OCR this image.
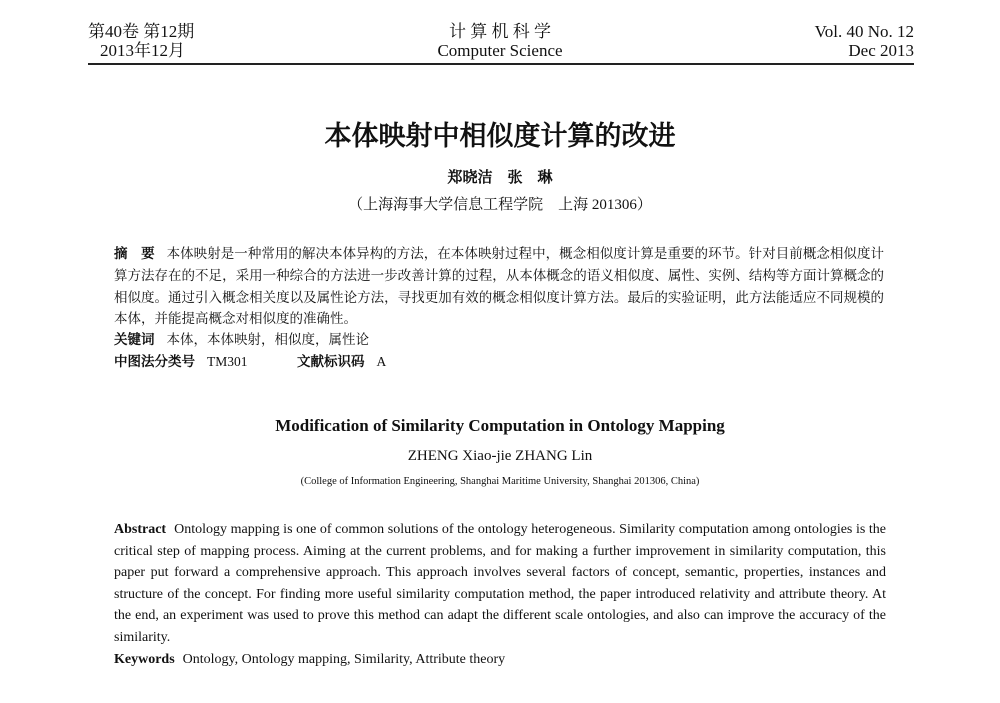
第40卷 第12期
2013年12月
计 算 机 科 学
Computer Science
Vol. 40 No. 12
Dec 2013
本体映射中相似度计算的改进
郑晓洁　张　琳
（上海海事大学信息工程学院　上海 201306）
摘　要 本体映射是一种常用的解决本体异构的方法，在本体映射过程中，概念相似度计算是重要的环节。针对目前概念相似度计算方法存在的不足，采用一种综合的方法进一步改善计算的过程，从本体概念的语义相似度、属性、实例、结构等方面计算概念的相似度。通过引入概念相关度以及属性论方法，寻找更加有效的概念相似度计算方法。最后的实验证明，此方法能适应不同规模的本体，并能提高概念对相似度的准确性。
关键词 本体，本体映射，相似度，属性论
中图法分类号 TM301	文献标识码 A
Modification of Similarity Computation in Ontology Mapping
ZHENG Xiao-jie ZHANG Lin
(College of Information Engineering, Shanghai Maritime University, Shanghai 201306, China)
Abstract Ontology mapping is one of common solutions of the ontology heterogeneous. Similarity computation among ontologies is the critical step of mapping process. Aiming at the current problems, and for making a further improvement in similarity computation, this paper put forward a comprehensive approach. This approach involves several factors of concept, semantic, properties, instances and structure of the concept. For finding more useful similarity computation method, the paper introduced relativity and attribute theory. At the end, an experiment was used to prove this method can adapt the different scale ontologies, and also can improve the accuracy of the similarity.
Keywords Ontology, Ontology mapping, Similarity, Attribute theory
